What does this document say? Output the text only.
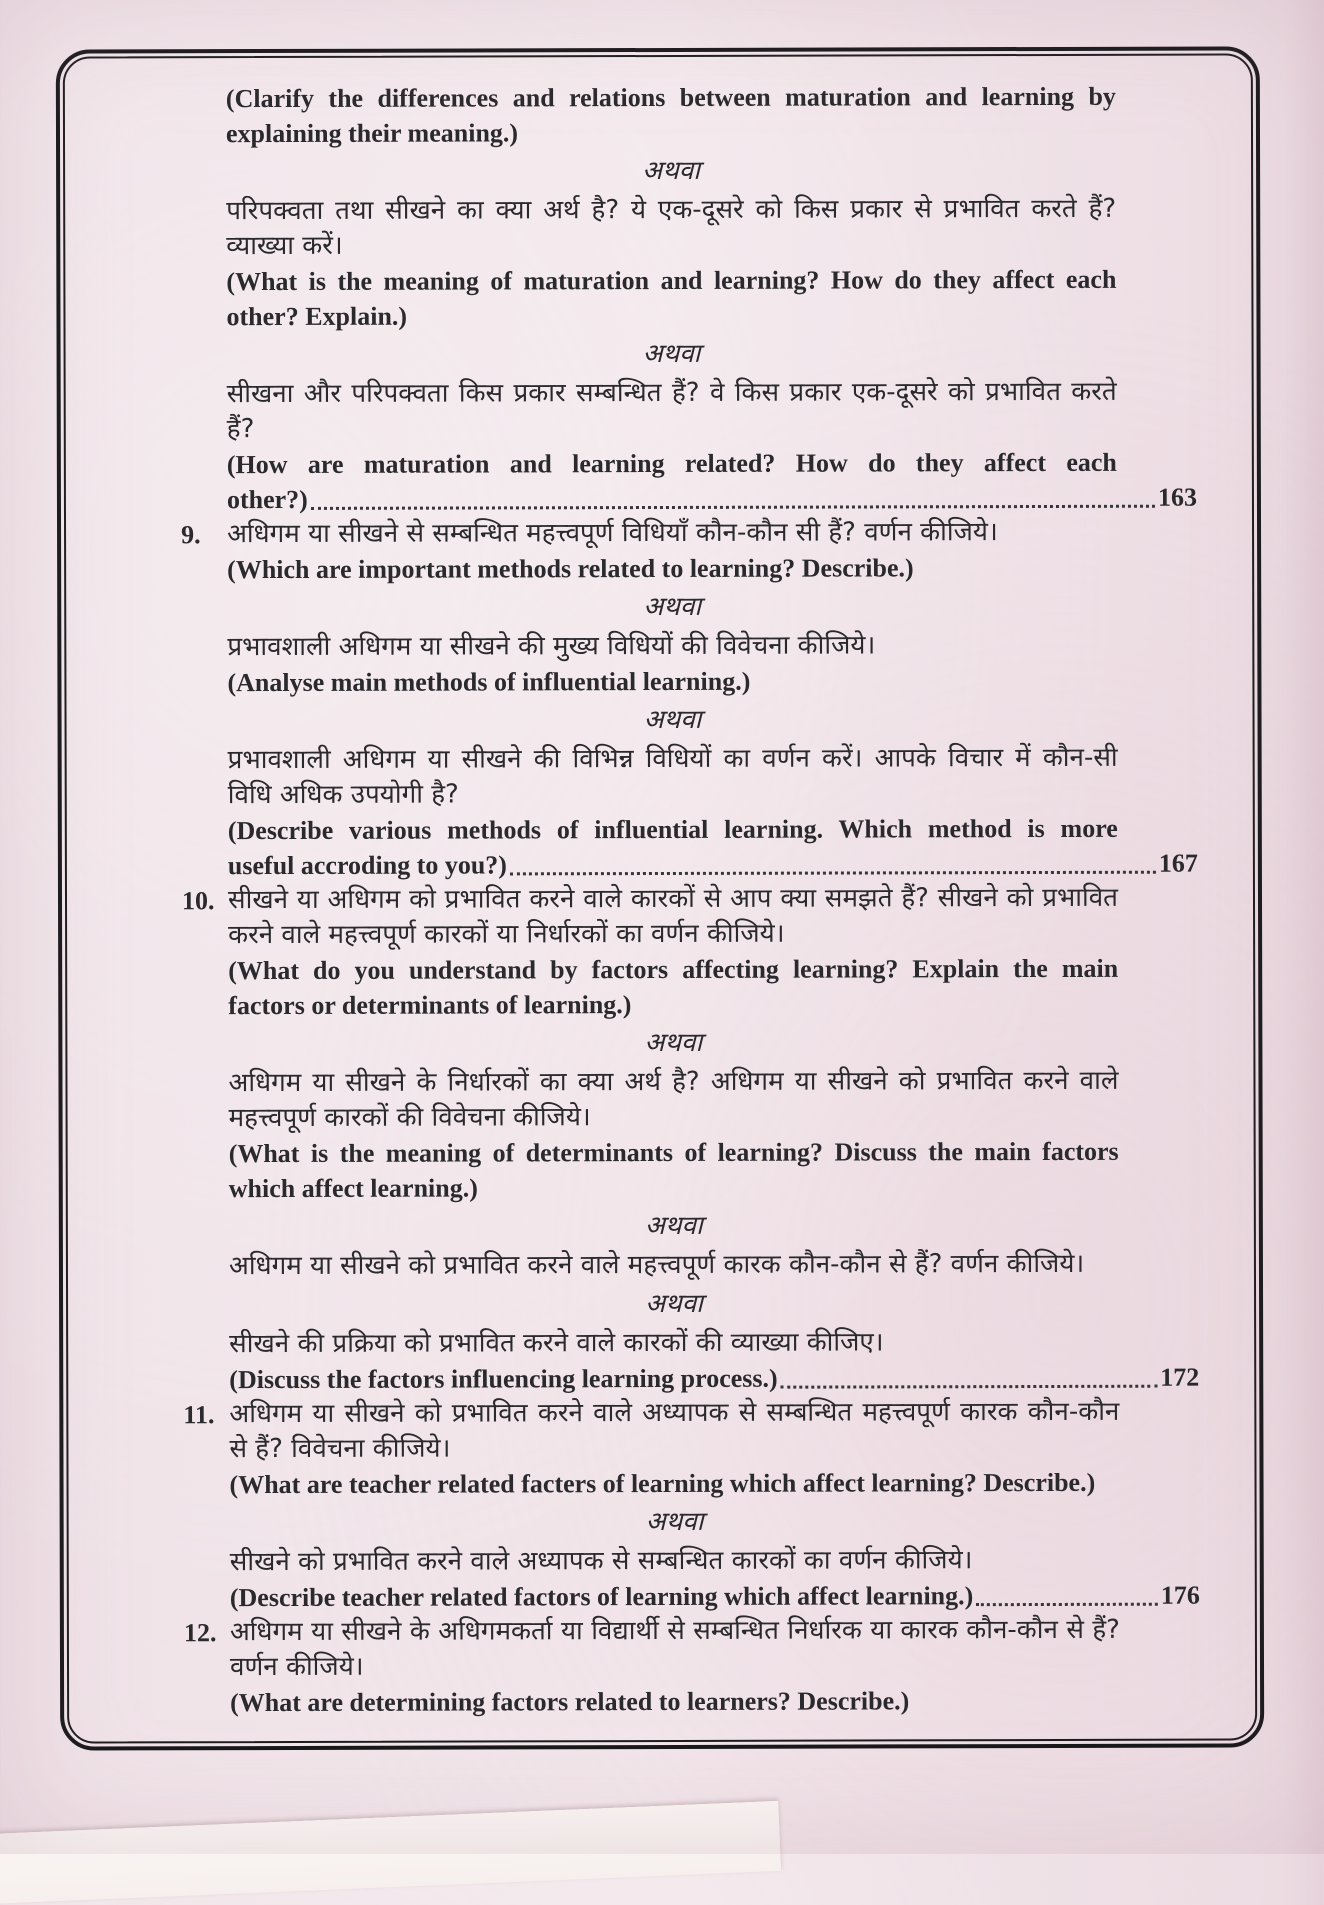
(Clarify the differences and relations between maturation and learning by explaining their meaning.)

अथवा

परिपक्वता तथा सीखने का क्या अर्थ है? ये एक-दूसरे को किस प्रकार से प्रभावित करते हैं? व्याख्या करें।

(What is the meaning of maturation and learning? How do they affect each other? Explain.)

अथवा

सीखना और परिपक्वता किस प्रकार सम्बन्धित हैं? वे किस प्रकार एक-दूसरे को प्रभावित करते हैं?

(How are maturation and learning related? How do they affect each

other?)	163
9. अधिगम या सीखने से सम्बन्धित महत्त्वपूर्ण विधियाँ कौन-कौन सी हैं? वर्णन कीजिये।

(Which are important methods related to learning? Describe.)

अथवा

प्रभावशाली अधिगम या सीखने की मुख्य विधियों की विवेचना कीजिये।

(Analyse main methods of influential learning.)

अथवा

प्रभावशाली अधिगम या सीखने की विभिन्न विधियों का वर्णन करें। आपके विचार में कौन-सी विधि अधिक उपयोगी है?

(Describe various methods of influential learning. Which method is more

useful accroding to you?)	167
10. सीखने या अधिगम को प्रभावित करने वाले कारकों से आप क्या समझते हैं? सीखने को प्रभावित करने वाले महत्त्वपूर्ण कारकों या निर्धारकों का वर्णन कीजिये।

(What do you understand by factors affecting learning? Explain the main factors or determinants of learning.)

अथवा

अधिगम या सीखने के निर्धारकों का क्या अर्थ है? अधिगम या सीखने को प्रभावित करने वाले महत्त्वपूर्ण कारकों की विवेचना कीजिये।

(What is the meaning of determinants of learning? Discuss the main factors which affect learning.)

अथवा

अधिगम या सीखने को प्रभावित करने वाले महत्त्वपूर्ण कारक कौन-कौन से हैं? वर्णन कीजिये।

अथवा

सीखने की प्रक्रिया को प्रभावित करने वाले कारकों की व्याख्या कीजिए।

(Discuss the factors influencing learning process.)	172
11. अधिगम या सीखने को प्रभावित करने वाले अध्यापक से सम्बन्धित महत्त्वपूर्ण कारक कौन-कौन से हैं? विवेचना कीजिये।

(What are teacher related facters of learning which affect learning? Describe.)

अथवा

सीखने को प्रभावित करने वाले अध्यापक से सम्बन्धित कारकों का वर्णन कीजिये।

(Describe teacher related factors of learning which affect learning.)	176
12. अधिगम या सीखने के अधिगमकर्ता या विद्यार्थी से सम्बन्धित निर्धारक या कारक कौन-कौन से हैं? वर्णन कीजिये।

(What are determining factors related to learners? Describe.)
